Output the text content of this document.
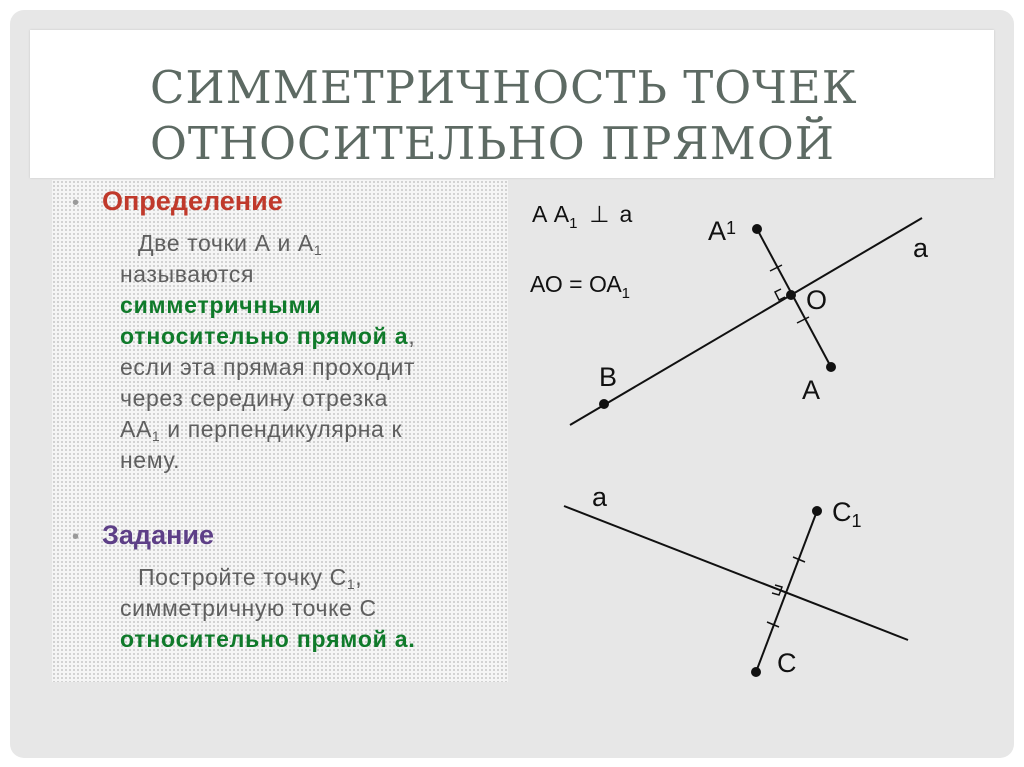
СИММЕТРИЧНОСТЬ ТОЧЕК
ОТНОСИТЕЛЬНО ПРЯМОЙ
• Определение
Две точки А и $А_1$
называются
симметричными
относительно прямой а,
если эта прямая проходит
через середину отрезка
$АА_1$ и перпендикулярна к
нему.
• Задание
Постройте точку $С_1$,
симметричную точке С
относительно прямой а.
А $А_1$ ⊥ а
АО = $ОА_1$
$А^1$
а
О
В	А
а	$С_1$
С
